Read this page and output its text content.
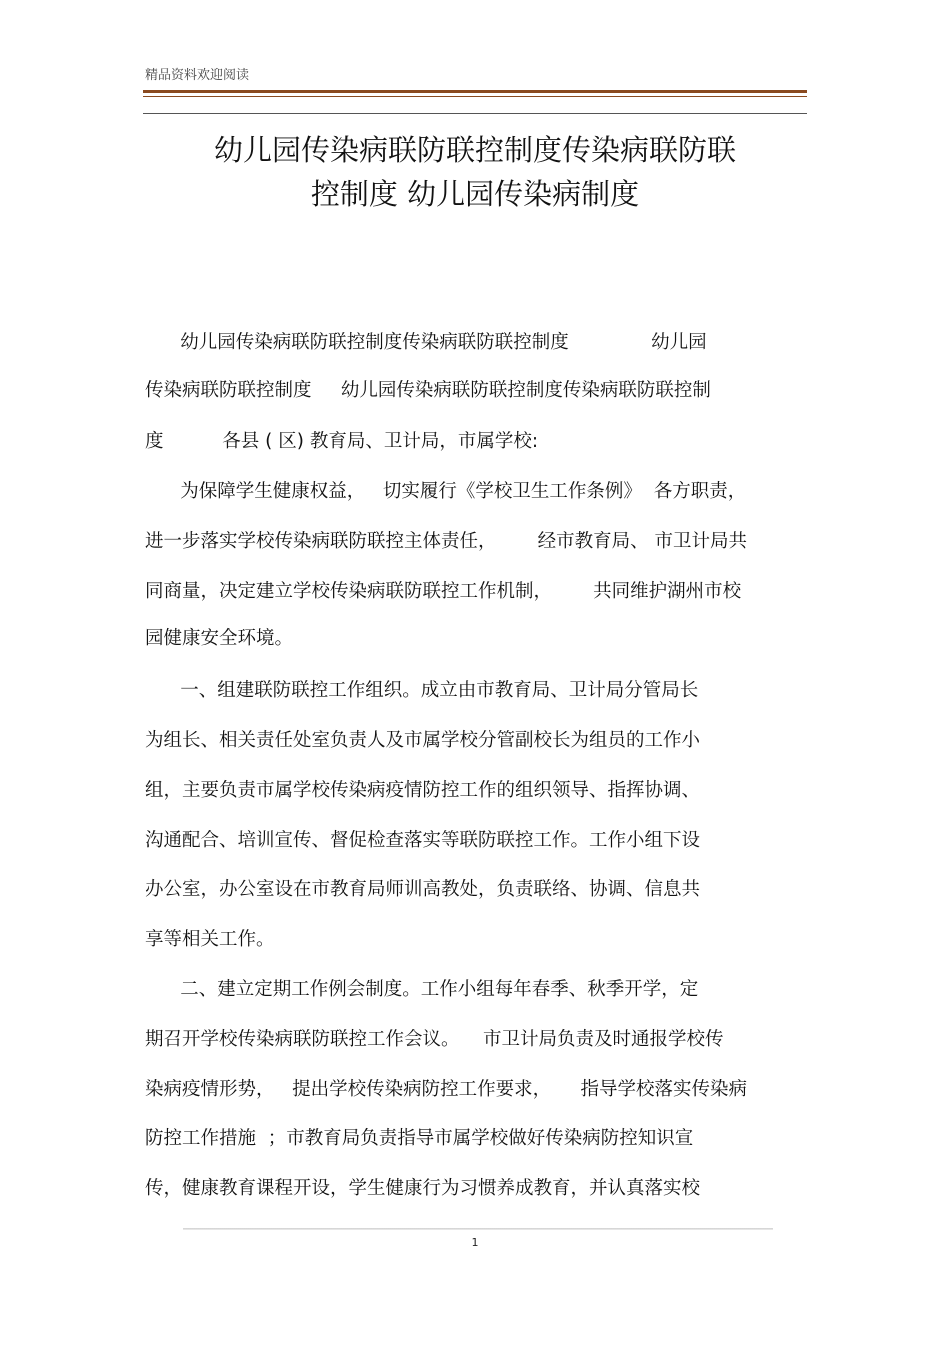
精品资料欢迎阅读
幼儿园传染病联防联控制度传染病联防联
控制度 幼儿园传染病制度
幼儿园传染病联防联控制度传染病联防联控制度              幼儿园
传染病联防联控制度     幼儿园传染病联防联控制度传染病联防联控制
度          各县 ( 区) 教育局、卫计局，市属学校:
为保障学生健康权益，   切实履行《学校卫生工作条例》  各方职责，
进一步落实学校传染病联防联控主体责任，       经市教育局、 市卫计局共
同商量，决定建立学校传染病联防联控工作机制，       共同维护湖州市校
园健康安全环境。
一、组建联防联控工作组织。成立由市教育局、卫计局分管局长
为组长、相关责任处室负责人及市属学校分管副校长为组员的工作小
组，主要负责市属学校传染病疫情防控工作的组织领导、指挥协调、
沟通配合、培训宣传、督促检查落实等联防联控工作。工作小组下设
办公室，办公室设在市教育局师训高教处，负责联络、协调、信息共
享等相关工作。
二、建立定期工作例会制度。工作小组每年春季、秋季开学，定
期召开学校传染病联防联控工作会议。    市卫计局负责及时通报学校传
染病疫情形势，   提出学校传染病防控工作要求，     指导学校落实传染病
防控工作措施  ；市教育局负责指导市属学校做好传染病防控知识宣
传，健康教育课程开设，学生健康行为习惯养成教育，并认真落实校
1
